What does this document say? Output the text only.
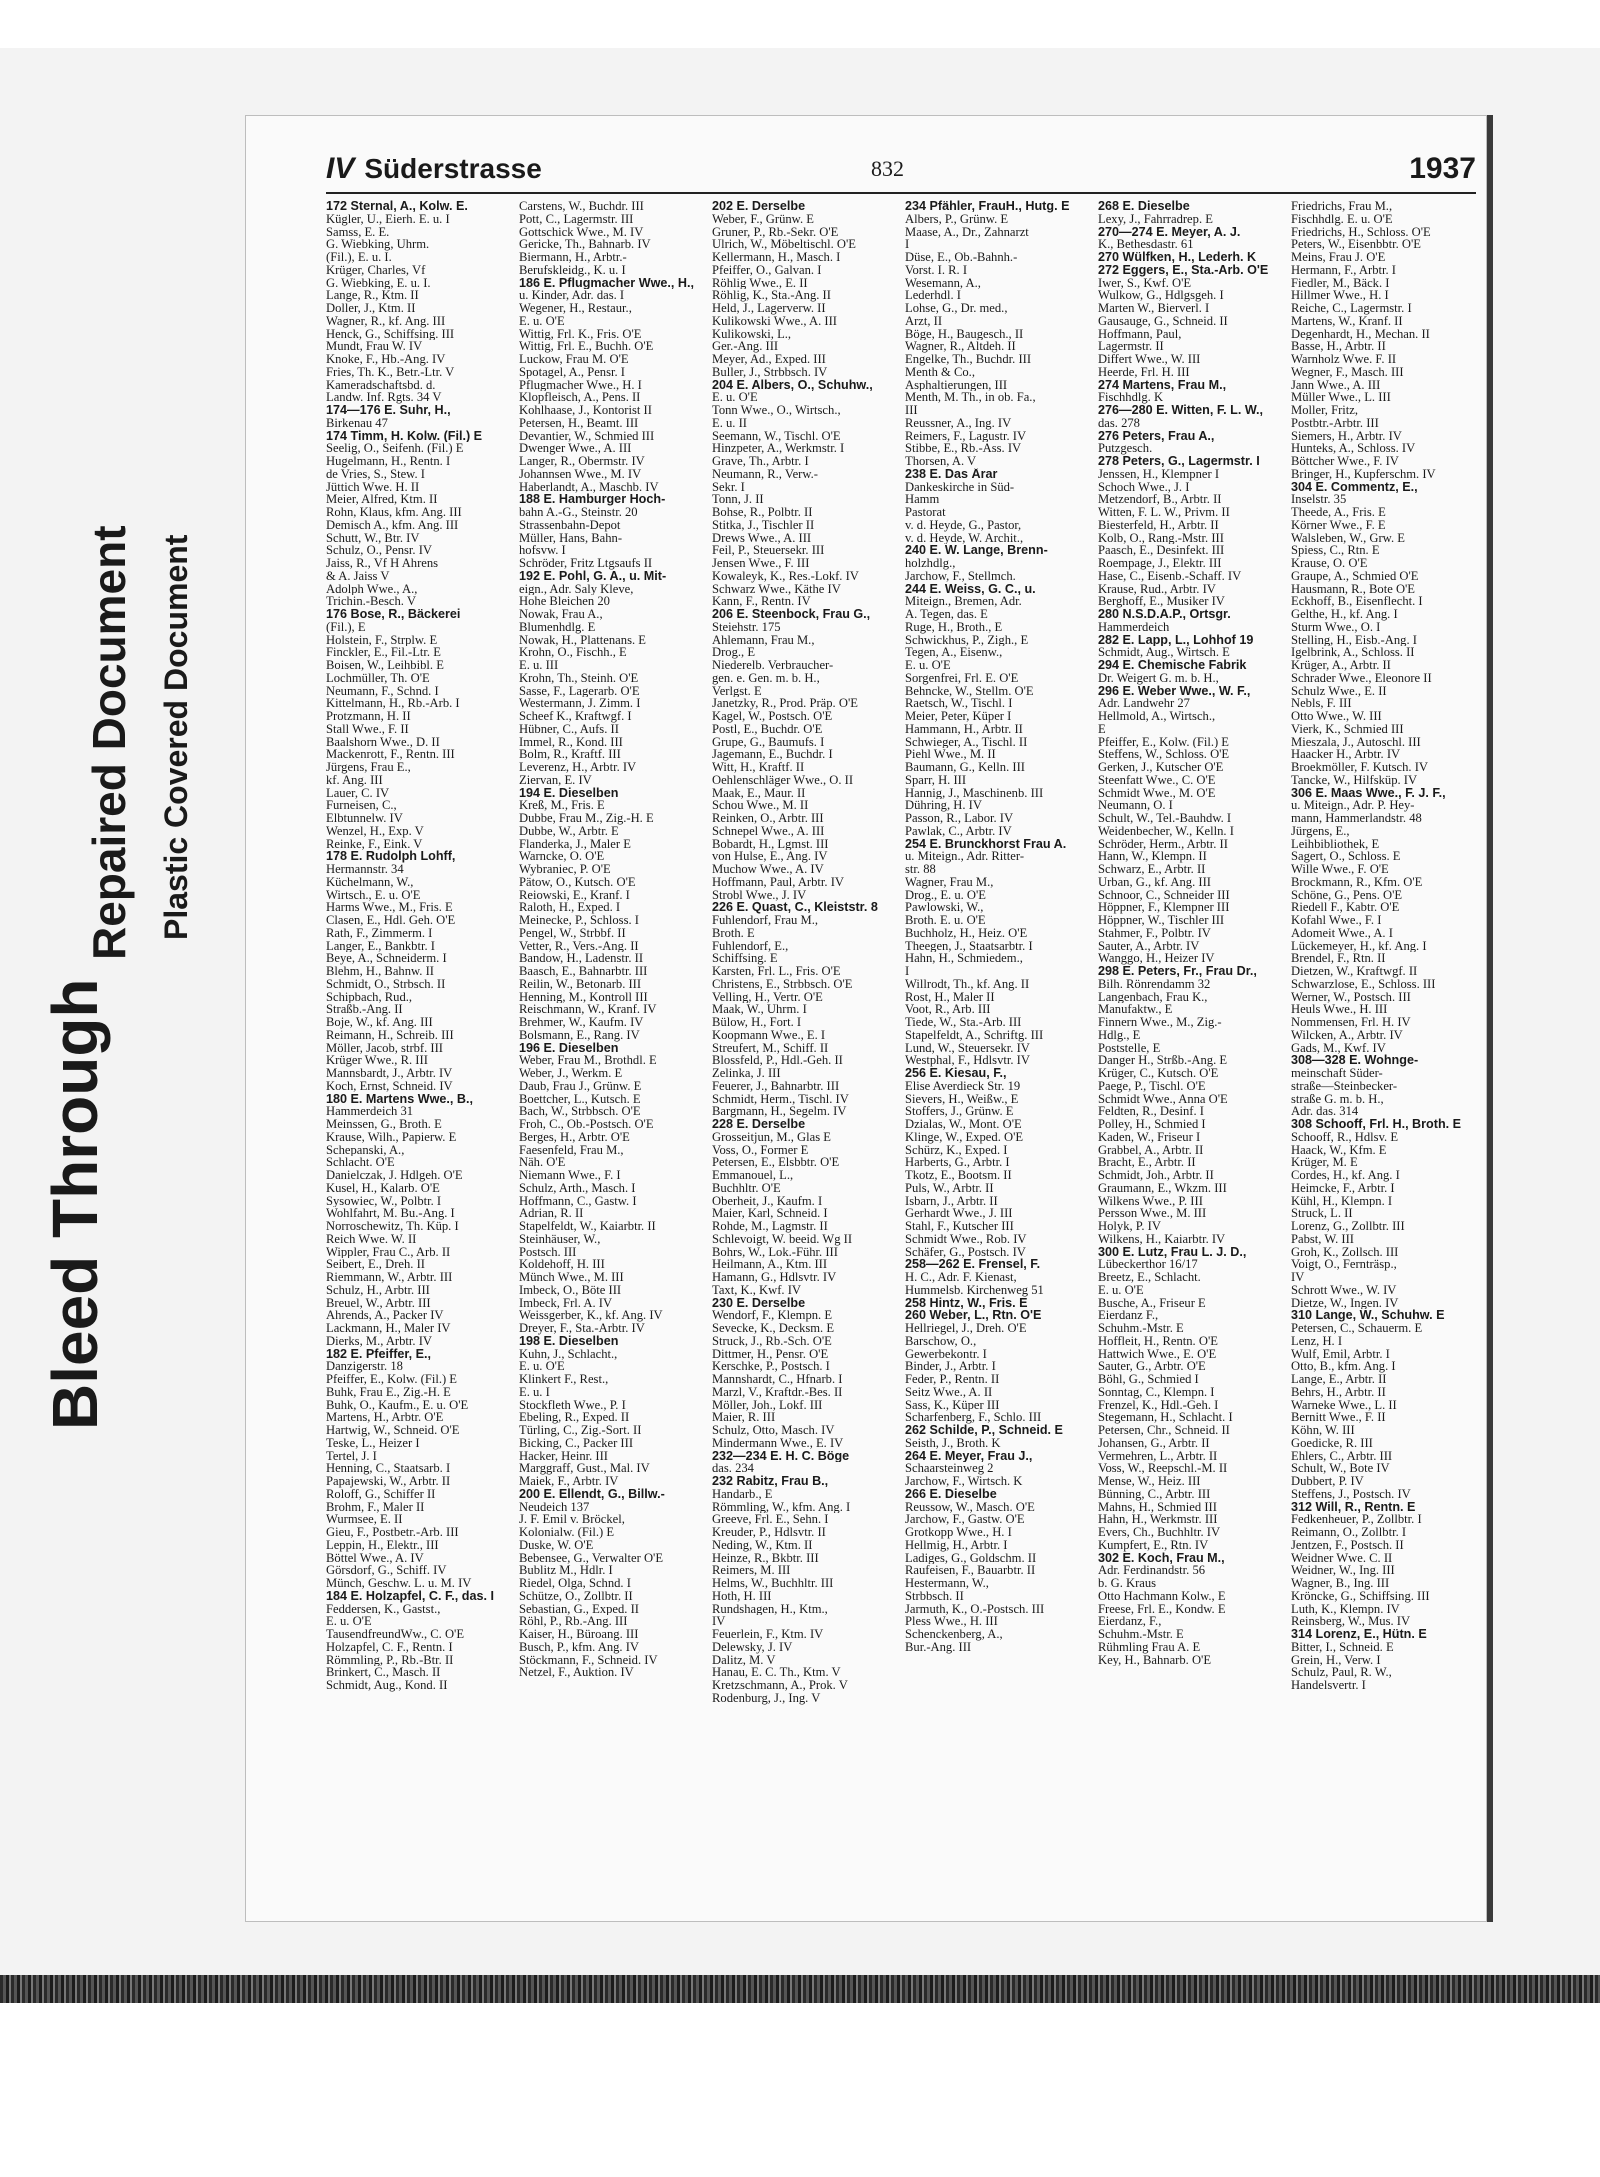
Bleed Through
Repaired Document Plastic Covered Document
IV Süderstrasse	832	1937
172 Sternal, A., Kolw. E.
Kügler, U., Eierh. E. u. I
Samss, E. E.
G. Wiebking, Uhrm.
(Fil.), E. u. I.
Krüger, Charles, Vf
G. Wiebking, E. u. I.
Lange, R., Ktm. II
Doller, J., Ktm. II
Wagner, R., kf. Ang. III
Henck, G., Schiffsing. III
Mundt, Frau W. IV
Knoke, F., Hb.-Ang. IV
Fries, Th. K., Betr.-Ltr. V
Kameradschaftsbd. d.
Landw. Inf. Rgts. 34 V
174—176 E. Suhr, H.,
Birkenau 47
174 Timm, H. Kolw. (Fil.) E
Seelig, O., Seifenh. (Fil.) E
Hugelmann, H., Rentn. I
de Vries, S., Stew. I
Jüttich Wwe. H. II
Meier, Alfred, Ktm. II
Rohn, Klaus, kfm. Ang. III
Demisch A., kfm. Ang. III
Schutt, W., Btr. IV
Schulz, O., Pensr. IV
Jaiss, R., Vf H Ahrens
& A. Jaiss V
Adolph Wwe., A.,
Trichin.-Besch. V
176 Bose, R., Bäckerei
(Fil.), E
Holstein, F., Strplw. E
Finckler, E., Fil.-Ltr. E
Boisen, W., Leihbibl. E
Lochmüller, Th. O'E
Neumann, F., Schnd. I
Kittelmann, H., Rb.-Arb. I
Protzmann, H. II
Stall Wwe., F. II
Baalshorn Wwe., D. II
Mackenrott, F., Rentn. III
Jürgens, Frau E.,
kf. Ang. III
Lauer, C. IV
Furneisen, C.,
Elbtunnelw. IV
Wenzel, H., Exp. V
Reinke, F., Eink. V
178 E. Rudolph Lohff,
Hermannstr. 34
Küchelmann, W.,
Wirtsch., E. u. O'E
Harms Wwe., M., Fris. E
Clasen, E., Hdl. Geh. O'E
Rath, F., Zimmerm. I
Langer, E., Bankbtr. I
Beye, A., Schneiderm. I
Blehm, H., Bahnw. II
Schmidt, O., Strbsch. II
Schipbach, Rud.,
Straßb.-Ang. II
Boje, W., kf. Ang. III
Reimann, H., Schreib. III
Möller, Jacob, strbf. III
Krüger Wwe., R. III
Mannsbardt, J., Arbtr. IV
Koch, Ernst, Schneid. IV
180 E. Martens Wwe., B.,
Hammerdeich 31
Meinssen, G., Broth. E
Krause, Wilh., Papierw. E
Schepanski, A.,
Schlacht. O'E
Danielczak, J. Hdlgeh. O'E
Kusel, H., Kalarb. O'E
Sysowiec, W., Polbtr. I
Wohlfahrt, M. Bu.-Ang. I
Norroschewitz, Th. Küp. I
Reich Wwe. W. II
Wippler, Frau C., Arb. II
Seibert, E., Dreh. II
Riemmann, W., Arbtr. III
Schulz, H., Arbtr. III
Breuel, W., Arbtr. III
Ahrends, A., Packer IV
Lackmann, H., Maler IV
Dierks, M., Arbtr. IV
182 E. Pfeiffer, E.,
Danzigerstr. 18
Pfeiffer, E., Kolw. (Fil.) E
Buhk, Frau E., Zig.-H. E
Buhk, O., Kaufm., E. u. O'E
Martens, H., Arbtr. O'E
Hartwig, W., Schneid. O'E
Teske, L., Heizer I
Tertel, J. I
Henning, C., Staatsarb. I
Papajewski, W., Arbtr. II
Roloff, G., Schiffer II
Brohm, F., Maler II
Wurmsee, E. II
Gieu, F., Postbetr.-Arb. III
Leppin, H., Elektr., III
Böttel Wwe., A. IV
Görsdorf, G., Schiff. IV
Münch, Geschw. L. u. M. IV
184 E. Holzapfel, C. F., das. I
Feddersen, K., Gastst.,
E. u. O'E
TausendfreundWw., C. O'E
Holzapfel, C. F., Rentn. I
Römmling, P., Rb.-Btr. II
Brinkert, C., Masch. II
Schmidt, Aug., Kond. II
Carstens, W., Buchdr. III
Pott, C., Lagermstr. III
Gottschick Wwe., M. IV
Gericke, Th., Bahnarb. IV
Biermann, H., Arbtr.-
Berufskleidg., K. u. I
186 E. Pflugmacher Wwe., H.,
u. Kinder, Adr. das. I
Wegener, H., Restaur.,
E. u. O'E
Wittig, Frl. K., Fris. O'E
Wittig, Frl. E., Buchh. O'E
Luckow, Frau M. O'E
Spotagel, A., Pensr. I
Pflugmacher Wwe., H. I
Klopfleisch, A., Pens. II
Kohlhaase, J., Kontorist II
Petersen, H., Beamt. III
Devantier, W., Schmied III
Dwenger Wwe., A. III
Langer, R., Obermstr. IV
Johannsen Wwe., M. IV
Haberlandt, A., Maschb. IV
188 E. Hamburger Hoch-
bahn A.-G., Steinstr. 20
Strassenbahn-Depot
Müller, Hans, Bahn-
hofsvw. I
Schröder, Fritz Ltgsaufs II
192 E. Pohl, G. A., u. Mit-
eign., Adr. Saly Kleve,
Hohe Bleichen 20
Nowak, Frau A.,
Blumenhdlg. E
Nowak, H., Plattenans. E
Krohn, O., Fischh., E
E. u. III
Krohn, Th., Steinh. O'E
Sasse, F., Lagerarb. O'E
Westermann, J. Zimm. I
Scheef K., Kraftwgf. I
Hübner, C., Aufs. II
Immel, R., Kond. III
Bolm, R., Kraftf. III
Leverenz, H., Arbtr. IV
Ziervan, E. IV
194 E. Dieselben
Kreß, M., Fris. E
Dubbe, Frau M., Zig.-H. E
Dubbe, W., Arbtr. E
Flanderka, J., Maler E
Warncke, O. O'E
Wybraniec, P. O'E
Pätow, O., Kutsch. O'E
Reiowski, E., Kranf. I
Raloth, H., Exped. I
Meinecke, P., Schloss. I
Pengel, W., Strbbf. II
Vetter, R., Vers.-Ang. II
Bandow, H., Ladenstr. II
Baasch, E., Bahnarbtr. III
Reilin, W., Betonarb. III
Henning, M., Kontroll III
Reischmann, W., Kranf. IV
Brehmer, W., Kaufm. IV
Bolsmann, E., Rang. IV
196 E. Dieselben
Weber, Frau M., Brothdl. E
Weber, J., Werkm. E
Daub, Frau J., Grünw. E
Boettcher, L., Kutsch. E
Bach, W., Strbbsch. O'E
Froh, C., Ob.-Postsch. O'E
Berges, H., Arbtr. O'E
Faesenfeld, Frau M.,
Näh. O'E
Niemann Wwe., F. I
Schulz, Arth., Masch. I
Hoffmann, C., Gastw. I
Adrian, R. II
Stapelfeldt, W., Kaiarbtr. II
Steinhäuser, W.,
Postsch. III
Koldehoff, H. III
Münch Wwe., M. III
Imbeck, O., Böte III
Imbeck, Frl. A. IV
Weissgerber, K., kf. Ang. IV
Dreyer, F., Sta.-Arbtr. IV
198 E. Dieselben
Kuhn, J., Schlacht.,
E. u. O'E
Klinkert F., Rest.,
E. u. I
Stockfleth Wwe., P. I
Ebeling, R., Exped. II
Türling, C., Zig.-Sort. II
Bicking, C., Packer III
Hacker, Heinr. III
Marggraff, Gust., Mal. IV
Maiek, F., Arbtr. IV
200 E. Ellendt, G., Billw.-
Neudeich 137
J. F. Emil v. Bröckel,
Kolonialw. (Fil.) E
Duske, W. O'E
Bebensee, G., Verwalter O'E
Bublitz M., Hdlr. I
Riedel, Olga, Schnd. I
Schütze, O., Zollbtr. II
Sebastian, G., Exped. II
Röhl, P., Rb.-Ang. III
Kaiser, H., Büroang. III
Busch, P., kfm. Ang. IV
Stöckmann, F., Schneid. IV
Netzel, F., Auktion. IV
202 E. Derselbe
Weber, F., Grünw. E
Gruner, P., Rb.-Sekr. O'E
Ulrich, W., Möbeltischl. O'E
Kellermann, H., Masch. I
Pfeiffer, O., Galvan. I
Röhlig Wwe., E. II
Röhlig, K., Sta.-Ang. II
Held, J., Lagerverw. II
Kulikowski Wwe., A. III
Kulikowski, L.,
Ger.-Ang. III
Meyer, Ad., Exped. III
Buller, J., Strbbsch. IV
204 E. Albers, O., Schuhw.,
E. u. O'E
Tonn Wwe., O., Wirtsch.,
E. u. II
Seemann, W., Tischl. O'E
Hinzpeter, A., Werkmstr. I
Grave, Th., Arbtr. I
Neumann, R., Verw.-
Sekr. I
Tonn, J. II
Bohse, R., Polbtr. II
Stitka, J., Tischler II
Drews Wwe., A. III
Feil, P., Steuersekr. III
Jensen Wwe., F. III
Kowaleyk, K., Res.-Lokf. IV
Schwarz Wwe., Käthe IV
Kann, F., Rentn. IV
206 E. Steenbock, Frau G.,
Steiehstr. 175
Ahlemann, Frau M.,
Drog., E
Niederelb. Verbraucher-
gen. e. Gen. m. b. H.,
Verlgst. E
Janetzky, R., Prod. Präp. O'E
Kagel, W., Postsch. O'E
Postl, E., Buchdr. O'E
Grupe, G., Baumufs. I
Jagemann, E., Buchdr. I
Witt, H., Kraftf. II
Oehlenschläger Wwe., O. II
Maak, E., Maur. II
Schou Wwe., M. II
Reinken, O., Arbtr. III
Schnepel Wwe., A. III
Bobardt, H., Lgmst. III
von Hulse, E., Ang. IV
Muchow Wwe., A. IV
Hoffmann, Paul, Arbtr. IV
Strobl Wwe., J. IV
226 E. Quast, C., Kleiststr. 8
Fuhlendorf, Frau M.,
Broth. E
Fuhlendorf, E.,
Schiffsing. E
Karsten, Frl. L., Fris. O'E
Christens, E., Strbbsch. O'E
Velling, H., Vertr. O'E
Maak, W., Uhrm. I
Bülow, H., Fort. I
Koopmann Wwe., E. I
Streufert, M., Schiff. II
Blossfeld, P., Hdl.-Geh. II
Zelinka, J. III
Feuerer, J., Bahnarbtr. III
Schmidt, Herm., Tischl. IV
Bargmann, H., Segelm. IV
228 E. Derselbe
Grosseitjun, M., Glas E
Voss, O., Former E
Petersen, E., Elsbbtr. O'E
Emmanouel, L.,
Buchhltr. O'E
Oberheit, J., Kaufm. I
Maier, Karl, Schneid. I
Rohde, M., Lagmstr. II
Schlevoigt, W. beeid. Wg II
Bohrs, W., Lok.-Führ. III
Heilmann, A., Ktm. III
Hamann, G., Hdlsvtr. IV
Taxt, K., Kwf. IV
230 E. Derselbe
Wendorf, F., Klempn. E
Sevecke, K., Decksm. E
Struck, J., Rb.-Sch. O'E
Dittmer, H., Pensr. O'E
Kerschke, P., Postsch. I
Mannshardt, C., Hfnarb. I
Marzl, V., Kraftdr.-Bes. II
Möller, Joh., Lokf. III
Maier, R. III
Schulz, Otto, Masch. IV
Mindermann Wwe., E. IV
232—234 E. H. C. Böge
das. 234
232 Rabitz, Frau B.,
Handarb., E
Römmling, W., kfm. Ang. I
Greeve, Frl. E., Sehn. I
Kreuder, P., Hdlsvtr. II
Neding, W., Ktm. II
Heinze, R., Bkbtr. III
Reimers, M. III
Helms, W., Buchhltr. III
Hoth, H. III
Rundshagen, H., Ktm.,
IV
Feuerlein, F., Ktm. IV
Delewsky, J. IV
Dalitz, M. V
Hanau, E. C. Th., Ktm. V
Kretzschmann, A., Prok. V
Rodenburg, J., Ing. V
234 Pfähler, FrauH., Hutg. E
Albers, P., Grünw. E
Maase, A., Dr., Zahnarzt
I
Düse, E., Ob.-Bahnh.-
Vorst. I. R. I
Wesemann, A.,
Lederhdl. I
Lohse, G., Dr. med.,
Arzt, II
Böge, H., Baugesch., II
Wagner, R., Altdeh. II
Engelke, Th., Buchdr. III
Menth & Co.,
Asphaltierungen, III
Menth, M. Th., in ob. Fa.,
III
Reussner, A., Ing. IV
Reimers, F., Lagustr. IV
Stibbe, E., Rb.-Ass. IV
Thorsen, A. V
238 E. Das Ärar
Dankeskirche in Süd-
Hamm
Pastorat
v. d. Heyde, G., Pastor,
v. d. Heyde, W. Archit.,
240 E. W. Lange, Brenn-
holzhdlg.,
Jarchow, F., Stellmch.
244 E. Weiss, G. C., u.
Miteign., Bremen, Adr.
A. Tegen, das. E
Ruge, H., Broth., E
Schwickhus, P., Zigh., E
Tegen, A., Eisenw.,
E. u. O'E
Sorgenfrei, Frl. E. O'E
Behncke, W., Stellm. O'E
Raetsch, W., Tischl. I
Meier, Peter, Küper I
Hammann, H., Arbtr. II
Schwieger, A., Tischl. II
Piehl Wwe., M. II
Baumann, G., Kelln. III
Sparr, H. III
Hannig, J., Maschinenb. III
Dühring, H. IV
Passon, R., Labor. IV
Pawlak, C., Arbtr. IV
254 E. Brunckhorst Frau A.
u. Miteign., Adr. Ritter-
str. 88
Wagner, Frau M.,
Drog., E. u. O'E
Pawlowski, W.,
Broth. E. u. O'E
Buchholz, H., Heiz. O'E
Theegen, J., Staatsarbtr. I
Hahn, H., Schmiedem.,
I
Willrodt, Th., kf. Ang. II
Rost, H., Maler II
Voot, R., Arb. III
Tiede, W., Sta.-Arb. III
Stapelfeldt, A., Schriftg. III
Lund, W., Steuersekr. IV
Westphal, F., Hdlsvtr. IV
256 E. Kiesau, F.,
Elise Averdieck Str. 19
Sievers, H., Weißw., E
Stoffers, J., Grünw. E
Dzialas, W., Mont. O'E
Klinge, W., Exped. O'E
Schürz, K., Exped. I
Harberts, G., Arbtr. I
Tkotz, E., Bootsm. II
Puls, W., Arbtr. II
Isbarn, J., Arbtr. II
Gerhardt Wwe., J. III
Stahl, F., Kutscher III
Schmidt Wwe., Rob. IV
Schäfer, G., Postsch. IV
258—262 E. Frensel, F.
H. C., Adr. F. Kienast,
Hummelsb. Kirchenweg 51
258 Hintz, W., Fris. E
260 Weber, L., Rtn. O'E
Hellriegel, J., Dreh. O'E
Barschow, O.,
Gewerbekontr. I
Binder, J., Arbtr. I
Feder, P., Rentn. II
Seitz Wwe., A. II
Sass, K., Küper III
Scharfenberg, F., Schlo. III
262 Schilde, P., Schneid. E
Seisth, J., Broth. K
264 E. Meyer, Frau J.,
Schaarsteinweg 2
Jarchow, F., Wirtsch. K
266 E. Dieselbe
Reussow, W., Masch. O'E
Jarchow, F., Gastw. O'E
Grotkopp Wwe., H. I
Hellmig, H., Arbtr. I
Ladiges, G., Goldschm. II
Raufeisen, F., Bauarbtr. II
Hestermann, W.,
Strbbsch. II
Jarmuth, K., O.-Postsch. III
Pless Wwe., H. III
Schenckenberg, A.,
Bur.-Ang. III
268 E. Dieselbe
Lexy, J., Fahrradrep. E
270—274 E. Meyer, A. J.
K., Bethesdastr. 61
270 Wülfken, H., Lederh. K
272 Eggers, E., Sta.-Arb. O'E
Iwer, S., Kwf. O'E
Wulkow, G., Hdlgsgeh. I
Marten W., Bierverl. I
Gausauge, G., Schneid. II
Hoffmann, Paul,
Lagermstr. II
Differt Wwe., W. III
Heerde, Frl. H. III
274 Martens, Frau M.,
Fischhdlg. K
276—280 E. Witten, F. L. W.,
das. 278
276 Peters, Frau A.,
Putzgesch.
278 Peters, G., Lagermstr. I
Jenssen, H., Klempner I
Schoch Wwe., J. I
Metzendorf, B., Arbtr. II
Witten, F. L. W., Privm. II
Biesterfeld, H., Arbtr. II
Kolb, O., Rang.-Mstr. III
Paasch, E., Desinfekt. III
Roempage, J., Elektr. III
Hase, C., Eisenb.-Schaff. IV
Krause, Rud., Arbtr. IV
Berghoff, E., Musiker IV
280 N.S.D.A.P., Ortsgr.
Hammerdeich
282 E. Lapp, L., Lohhof 19
Schmidt, Aug., Wirtsch. E
294 E. Chemische Fabrik
Dr. Weigert G. m. b. H.,
296 E. Weber Wwe., W. F.,
Adr. Landwehr 27
Hellmold, A., Wirtsch.,
E
Pfeiffer, E., Kolw. (Fil.) E
Steffens, W., Schloss. O'E
Gerken, J., Kutscher O'E
Steenfatt Wwe., C. O'E
Schmidt Wwe., M. O'E
Neumann, O. I
Schult, W., Tel.-Bauhdw. I
Weidenbecher, W., Kelln. I
Schröder, Herm., Arbtr. II
Hann, W., Klempn. II
Schwarz, E., Arbtr. II
Urban, G., kf. Ang. III
Schnoor, C., Schneider III
Höppner, F., Klempner III
Höppner, W., Tischler III
Stahmer, F., Polbtr. IV
Sauter, A., Arbtr. IV
Wanggo, H., Heizer IV
298 E. Peters, Fr., Frau Dr.,
Bilh. Rönrendamm 32
Langenbach, Frau K.,
Manufaktw., E
Finnern Wwe., M., Zig.-
Hdlg., E
Poststelle, E
Danger H., Strßb.-Ang. E
Krüger, C., Kutsch. O'E
Paege, P., Tischl. O'E
Schmidt Wwe., Anna O'E
Feldten, R., Desinf. I
Polley, H., Schmied I
Kaden, W., Friseur I
Grabbel, A., Arbtr. II
Bracht, E., Arbtr. II
Schmidt, Joh., Arbtr. II
Graumann, E., Wkzm. III
Wilkens Wwe., P. III
Persson Wwe., M. III
Holyk, P. IV
Wilkens, H., Kaiarbtr. IV
300 E. Lutz, Frau L. J. D.,
Lübeckerthor 16/17
Breetz, E., Schlacht.
E. u. O'E
Busche, A., Friseur E
Eierdanz F.,
Schuhm.-Mstr. E
Hoffleit, H., Rentn. O'E
Hattwich Wwe., E. O'E
Sauter, G., Arbtr. O'E
Böhl, G., Schmied I
Sonntag, C., Klempn. I
Frenzel, K., Hdl.-Geh. I
Stegemann, H., Schlacht. I
Petersen, Chr., Schneid. II
Johansen, G., Arbtr. II
Vermehren, L., Arbtr. II
Voss, W., Reepschl.-M. II
Mense, W., Heiz. III
Bünning, C., Arbtr. III
Mahns, H., Schmied III
Hahn, H., Werkmstr. III
Evers, Ch., Buchhltr. IV
Kumpfert, E., Rtn. IV
302 E. Koch, Frau M.,
Adr. Ferdinandstr. 56
b. G. Kraus
Otto Hachmann Kolw., E
Freese, Frl. E., Kondw. E
Eierdanz, F.,
Schuhm.-Mstr. E
Rühmling Frau A. E
Key, H., Bahnarb. O'E
Friedrichs, Frau M.,
Fischhdlg. E. u. O'E
Friedrichs, H., Schloss. O'E
Peters, W., Eisenbbtr. O'E
Meins, Frau J. O'E
Hermann, F., Arbtr. I
Fiedler, M., Bäck. I
Hillmer Wwe., H. I
Reiche, C., Lagermstr. I
Martens, W., Kranf. II
Degenhardt, H., Mechan. II
Basse, H., Arbtr. II
Warnholz Wwe. F. II
Wegner, F., Masch. III
Jann Wwe., A. III
Müller Wwe., L. III
Moller, Fritz,
Postbtr.-Arbtr. III
Siemers, H., Arbtr. IV
Hunteks, A., Schloss. IV
Böttcher Wwe., F. IV
Bringer, H., Kupferschm. IV
304 E. Commentz, E.,
Inselstr. 35
Theede, A., Fris. E
Körner Wwe., F. E
Walsleben, W., Grw. E
Spiess, C., Rtn. E
Krause, O. O'E
Graupe, A., Schmied O'E
Hausmann, R., Bote O'E
Eckhoff, B., Eisenflecht. I
Gelthe, H., kf. Ang. I
Sturm Wwe., O. I
Stelling, H., Eisb.-Ang. I
Igelbrink, A., Schloss. II
Krüger, A., Arbtr. II
Schrader Wwe., Eleonore II
Schulz Wwe., E. II
Nebls, F. III
Otto Wwe., W. III
Vierk, K., Schmied III
Mieszala, J., Autoschl. III
Haacker H., Arbtr. IV
Broekmöller, F. Kutsch. IV
Tancke, W., Hilfsküp. IV
306 E. Maas Wwe., F. J. F.,
u. Miteign., Adr. P. Hey-
mann, Hammerlandstr. 48
Jürgens, E.,
Leihbibliothek, E
Sagert, O., Schloss. E
Wille Wwe., F. O'E
Brockmann, R., Kfm. O'E
Schöne, G., Pens. O'E
Riedell F., Kabtr. O'E
Kofahl Wwe., F. I
Adomeit Wwe., A. I
Lückemeyer, H., kf. Ang. I
Brendel, F., Rtn. II
Dietzen, W., Kraftwgf. II
Schwarzlose, E., Schloss. III
Werner, W., Postsch. III
Heuls Wwe., H. III
Nommensen, Frl. H. IV
Wilcken, A., Arbtr. IV
Gads, M., Kwf. IV
308—328 E. Wohnge-
meinschaft Süder-
straße—Steinbecker-
straße G. m. b. H.,
Adr. das. 314
308 Schooff, Frl. H., Broth. E
Schooff, R., Hdlsv. E
Haack, W., Kfm. E
Krüger, M. E
Cordes, H., kf. Ang. I
Heimcke, F., Arbtr. I
Kühl, H., Klempn. I
Struck, L. II
Lorenz, G., Zollbtr. III
Pabst, W. III
Groh, K., Zollsch. III
Voigt, O., Fernträsp.,
IV
Schrott Wwe., W. IV
Dietze, W., Ingen. IV
310 Lange, W., Schuhw. E
Petersen, C., Schauerm. E
Lenz, H. I
Wulf, Emil, Arbtr. I
Otto, B., kfm. Ang. I
Lange, E., Arbtr. II
Behrs, H., Arbtr. II
Warneke Wwe., L. II
Bernitt Wwe., F. II
Köhn, W. III
Goedicke, R. III
Ehlers, C., Arbtr. III
Schult, W., Bote IV
Dubbert, P. IV
Steffens, J., Postsch. IV
312 Will, R., Rentn. E
Fedkenheuer, P., Zollbtr. I
Reimann, O., Zollbtr. I
Jentzen, F., Postsch. II
Weidner Wwe. C. II
Weidner, W., Ing. III
Wagner, B., Ing. III
Kröncke, G., Schiffsing. III
Luth, K., Klempn. IV
Reinsberg, W., Mus. IV
314 Lorenz, E., Hütn. E
Bitter, I., Schneid. E
Grein, H., Verw. I
Schulz, Paul, R. W.,
Handelsvertr. I
